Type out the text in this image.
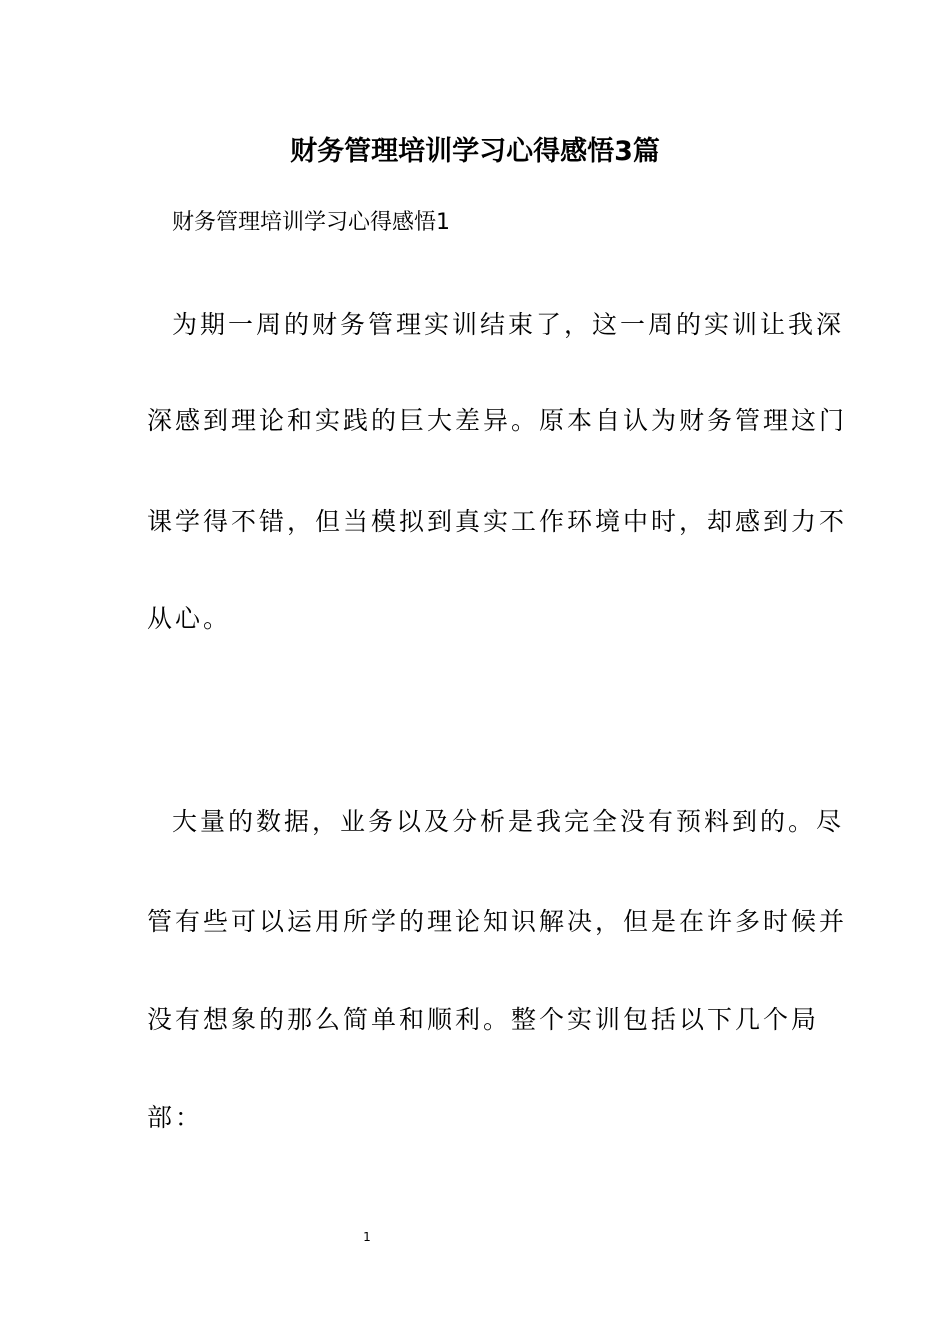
财务管理培训学习心得感悟3篇

财务管理培训学习心得感悟1

为期一周的财务管理实训结束了，这一周的实训让我深

深感到理论和实践的巨大差异。原本自认为财务管理这门

课学得不错，但当模拟到真实工作环境中时，却感到力不

从心。

大量的数据，业务以及分析是我完全没有预料到的。尽

管有些可以运用所学的理论知识解决，但是在许多时候并

没有想象的那么简单和顺利。整个实训包括以下几个局

部：

1
